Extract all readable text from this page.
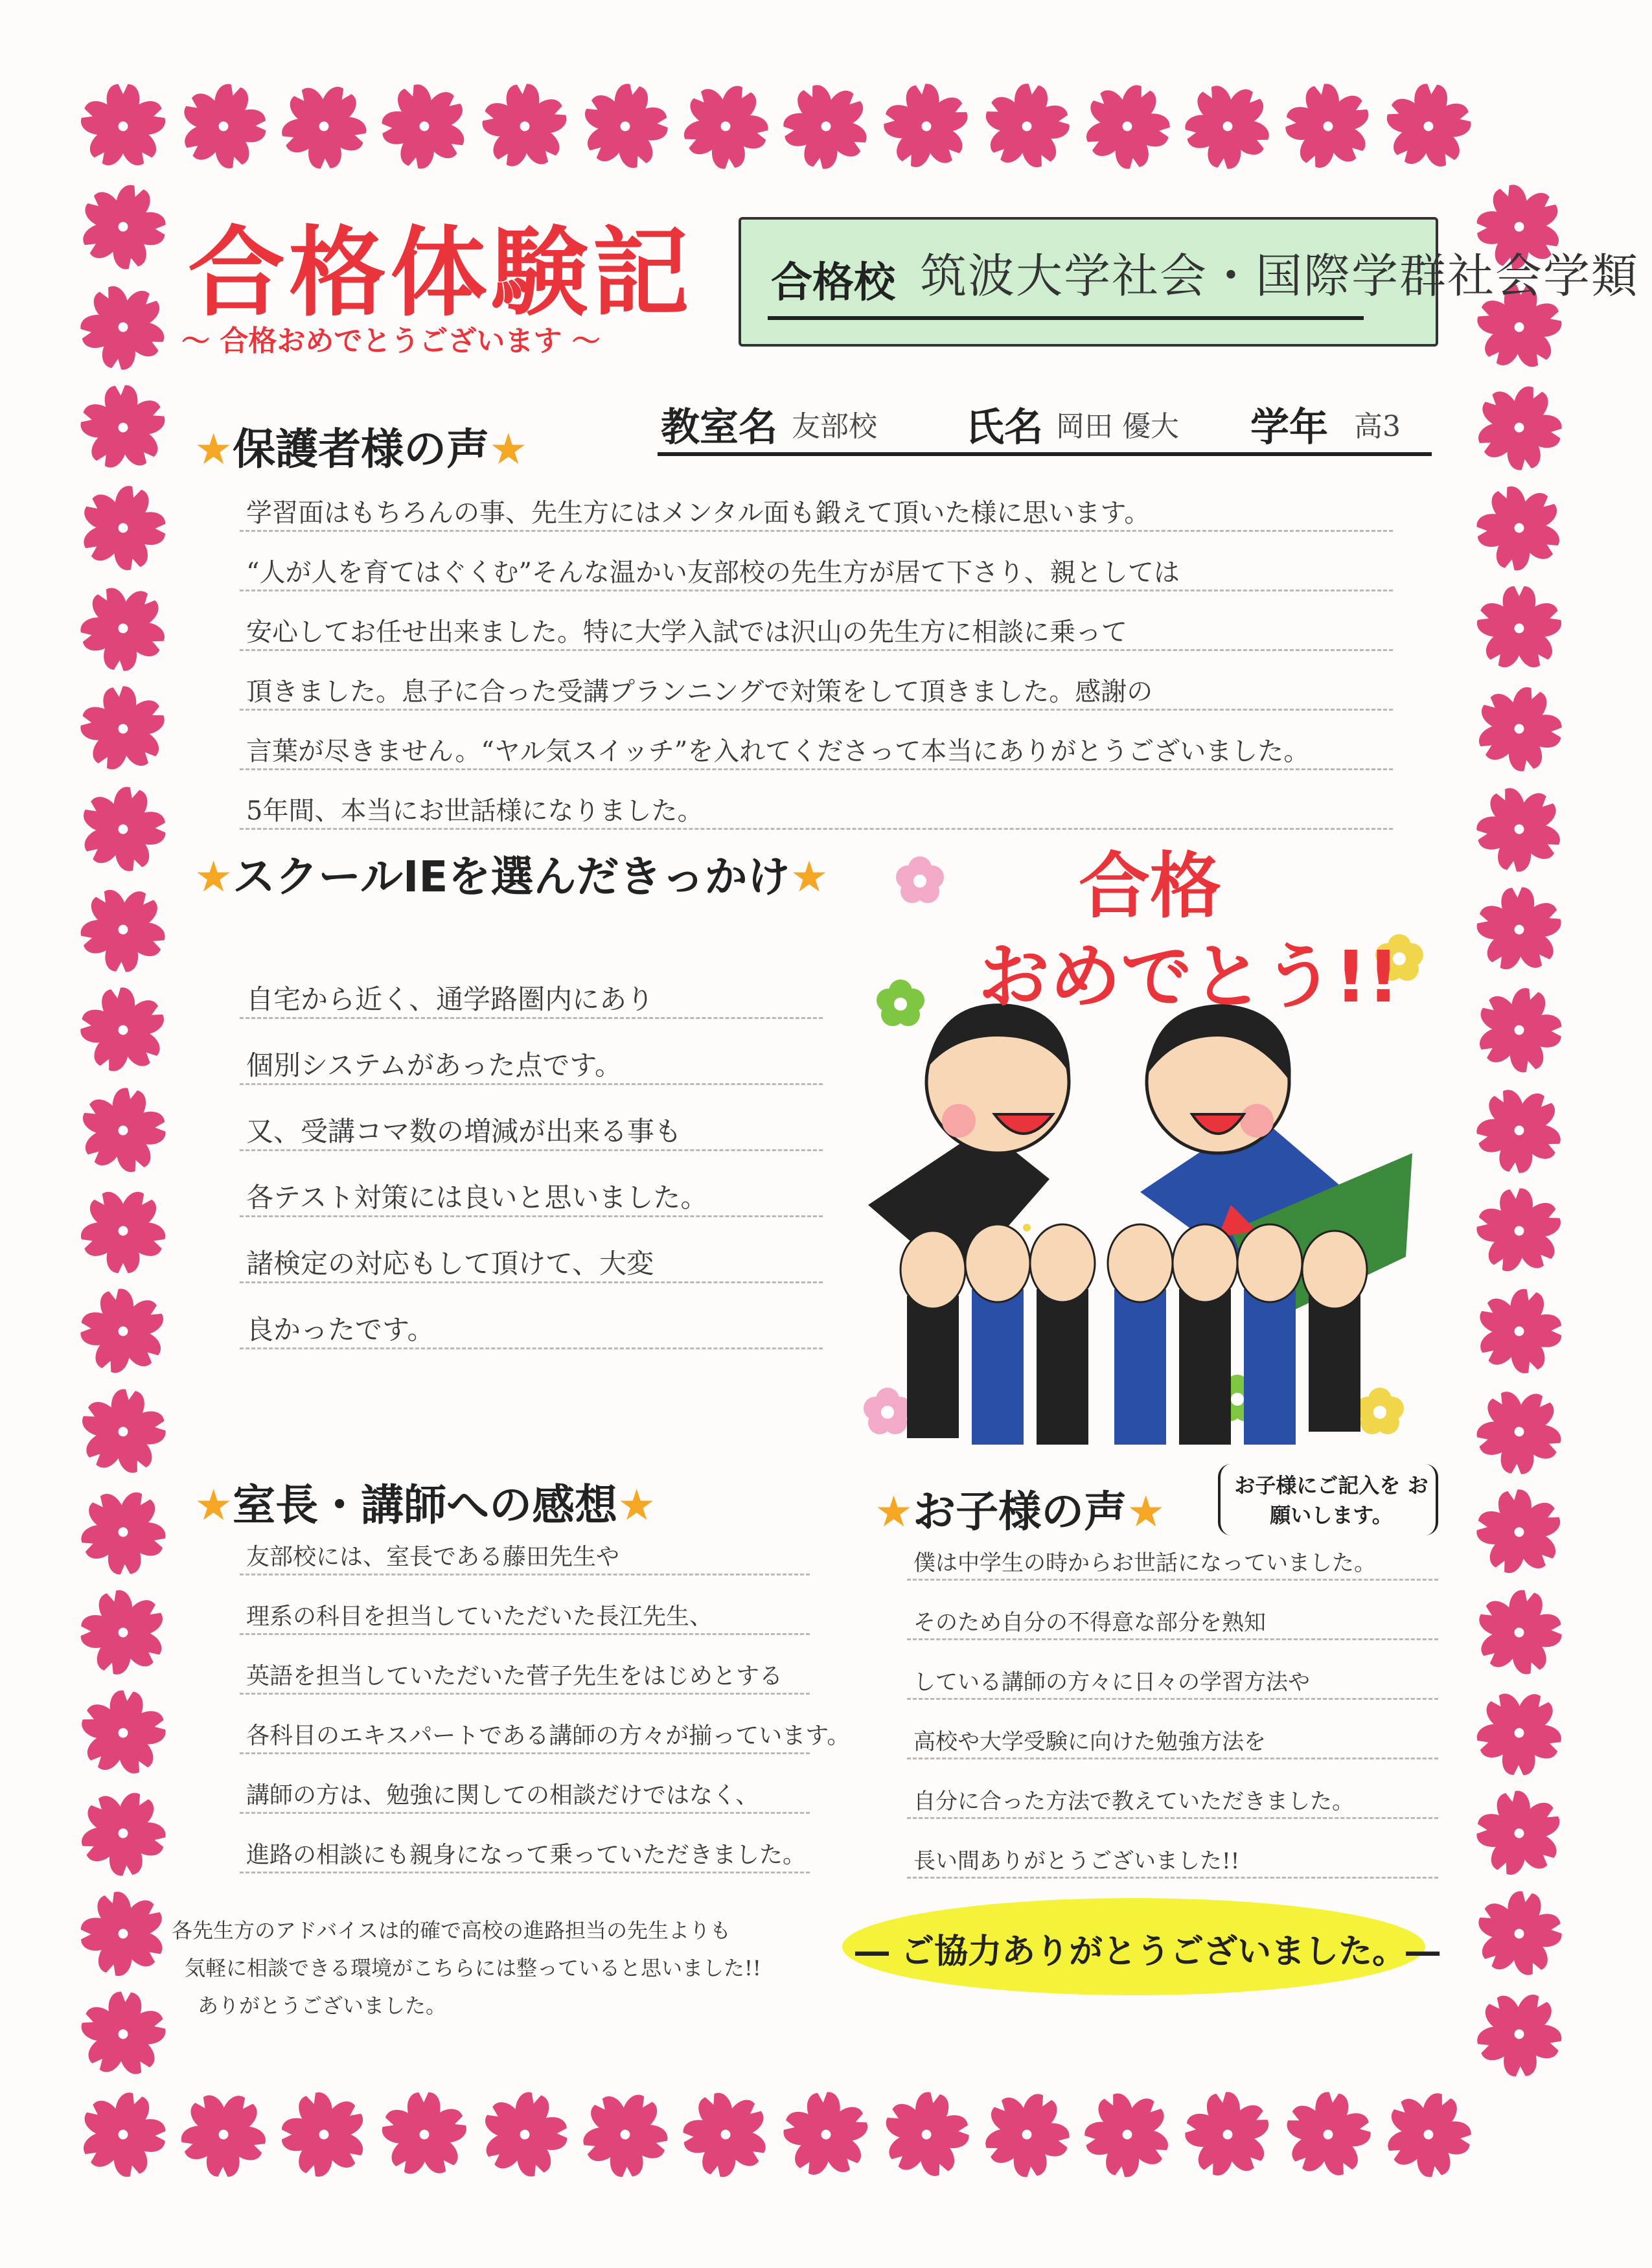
合格体験記
〜 合格おめでとうございます 〜
合格校 筑波大学社会・国際学群社会学類
教室名 友部校 氏名 岡田 優大 学年 高3
★保護者様の声★
学習面はもちろんの事、先生方にはメンタル面も鍛えて頂いた様に思います。
“人が人を育てはぐくむ”そんな温かい友部校の先生方が居て下さり、親としては
安心してお任せ出来ました。特に大学入試では沢山の先生方に相談に乗って
頂きました。息子に合った受講プランニングで対策をして頂きました。感謝の
言葉が尽きません。“ヤル気スイッチ”を入れてくださって本当にありがとうございました。
5年間、本当にお世話様になりました。
★スクールIEを選んだきっかけ★
自宅から近く、通学路圏内にあり
個別システムがあった点です。
又、受講コマ数の増減が出来る事も
各テスト対策には良いと思いました。
諸検定の対応もして頂けて、大変
良かったです。
合格
おめでとう!!
★室長・講師への感想★
友部校には、室長である藤田先生や
理系の科目を担当していただいた長江先生、
英語を担当していただいた菅子先生をはじめとする
各科目のエキスパートである講師の方々が揃っています。
講師の方は、勉強に関しての相談だけではなく、
進路の相談にも親身になって乗っていただきました。
各先生方のアドバイスは的確で高校の進路担当の先生よりも
気軽に相談できる環境がこちらには整っていると思いました!!
ありがとうございました。
★お子様の声★
お子様にご記入を お願いします。
僕は中学生の時からお世話になっていました。
そのため自分の不得意な部分を熟知
している講師の方々に日々の学習方法や
高校や大学受験に向けた勉強方法を
自分に合った方法で教えていただきました。
長い間ありがとうございました!!
― ご協力ありがとうございました。―
